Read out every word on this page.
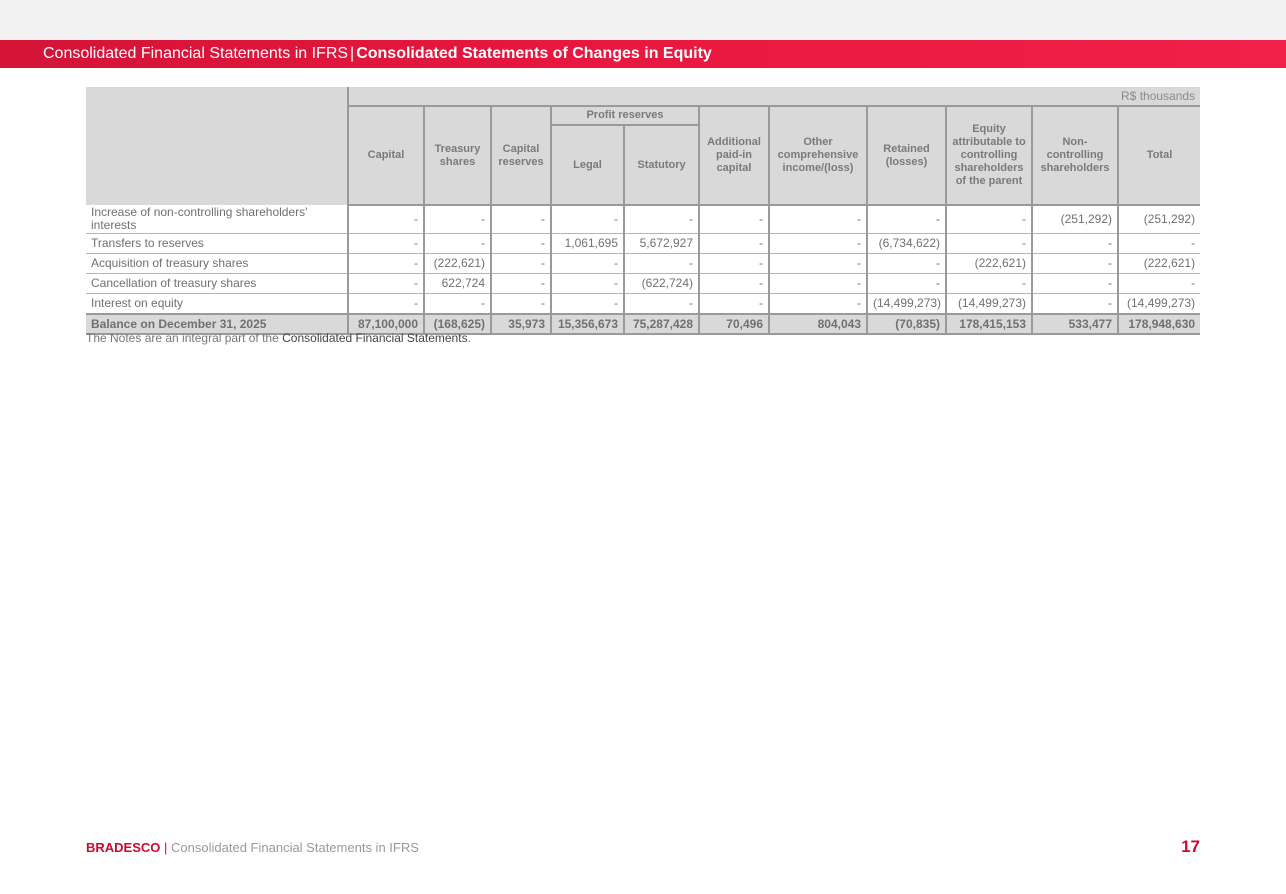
Consolidated Financial Statements in IFRS | Consolidated Statements of Changes in Equity
	R$ thousands										
	Capital	Treasury shares	Capital reserves	Profit reserves		Additional paid-in capital	Other comprehensive income/(loss)	Retained (losses)	Equity attributable to controlling shareholders of the parent	Non-controlling shareholders	Total
				Legal	Statutory						
Increase of non-controlling shareholders' interests	-	-	-	-	-	-	-	-	-	(251,292)	(251,292)
Transfers to reserves	-	-	-	1,061,695	5,672,927	-	-	(6,734,622)	-	-	-
Acquisition of treasury shares	-	(222,621)	-	-	-	-	-	-	(222,621)	-	(222,621)
Cancellation of treasury shares	-	622,724	-	-	(622,724)	-	-	-	-	-	-
Interest on equity	-	-	-	-	-	-	-	(14,499,273)	(14,499,273)	-	(14,499,273)
Balance on December 31, 2025	87,100,000	(168,625)	35,973	15,356,673	75,287,428	70,496	804,043	(70,835)	178,415,153	533,477	178,948,630
The Notes are an integral part of the Consolidated Financial Statements.
BRADESCO | Consolidated Financial Statements in IFRS	17
